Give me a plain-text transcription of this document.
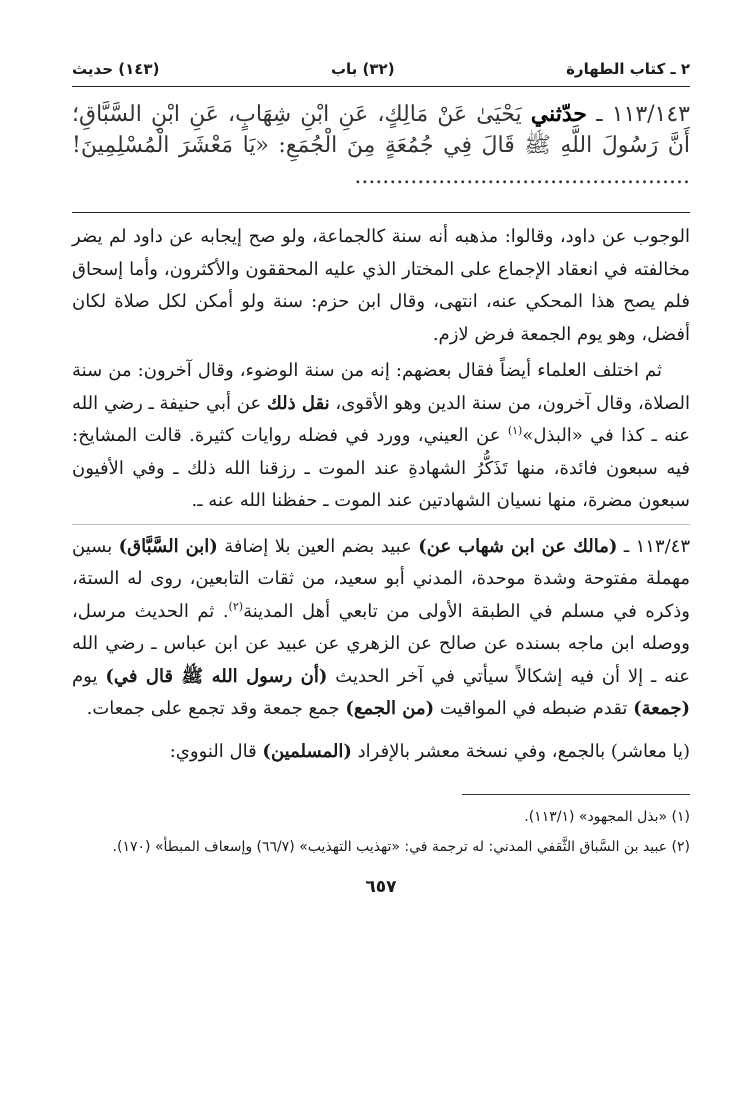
٢ ـ كتاب الطهارة
(٣٢) باب
(١٤٣) حديث
١١٣/١٤٣ ـ حدّثني يَحْيَىٰ عَنْ مَالِكٍ، عَنِ ابْنِ شِهَابٍ، عَنِ ابْنِ السَّبَّاقِ؛ أَنَّ رَسُولَ اللَّهِ ﷺ قَالَ فِي جُمُعَةٍ مِنَ الْجُمَعِ: «يَا مَعْشَرَ الْمُسْلِمِينَ! ................................................

الوجوب عن داود، وقالوا: مذهبه أنه سنة كالجماعة، ولو صح إيجابه عن داود لم يضر مخالفته في انعقاد الإجماع على المختار الذي عليه المحققون والأكثرون، وأما إسحاق فلم يصح هذا المحكي عنه، انتهى، وقال ابن حزم: سنة ولو أمكن لكل صلاة لكان أفضل، وهو يوم الجمعة فرض لازم.

ثم اختلف العلماء أيضاً فقال بعضهم: إنه من سنة الوضوء، وقال آخرون: من سنة الصلاة، وقال آخرون، من سنة الدين وهو الأقوى، نقل ذلك عن أبي حنيفة ـ رضي الله عنه ـ كذا في «البذل»$^{(١)}$ عن العيني، وورد في فضله روايات كثيرة. قالت المشايخ: فيه سبعون فائدة، منها تَذَكُّرُ الشهادةِ عند الموت ـ رزقنا الله ذلك ـ وفي الأفيون سبعون مضرة، منها نسيان الشهادتين عند الموت ـ حفظنا الله عنه ـ.

١١٣/٤٣ ـ (مالك عن ابن شهاب عن) عبيد بضم العين بلا إضافة (ابن السَّبَّاق) بسين مهملة مفتوحة وشدة موحدة، المدني أبو سعيد، من ثقات التابعين، روى له الستة، وذكره في مسلم في الطبقة الأولى من تابعي أهل المدينة$^{(٢)}$. ثم الحديث مرسل، ووصله ابن ماجه بسنده عن صالح عن الزهري عن عبيد عن ابن عباس ـ رضي الله عنه ـ إلا أن فيه إشكالاً سيأتي في آخر الحديث (أن رسول الله ﷺ قال في) يوم (جمعة) تقدم ضبطه في المواقيت (من الجمع) جمع جمعة وقد تجمع على جمعات.

(يا معاشر) بالجمع، وفي نسخة معشر بالإفراد (المسلمين) قال النووي:

(١) «بذل المجهود» (١١٣/١).

(٢) عبيد بن السَّباق الثَّقفي المدني: له ترجمة في: «تهذيب التهذيب» (٦٦/٧) وإسعاف المبطأ» (١٧٠).

٦٥٧
